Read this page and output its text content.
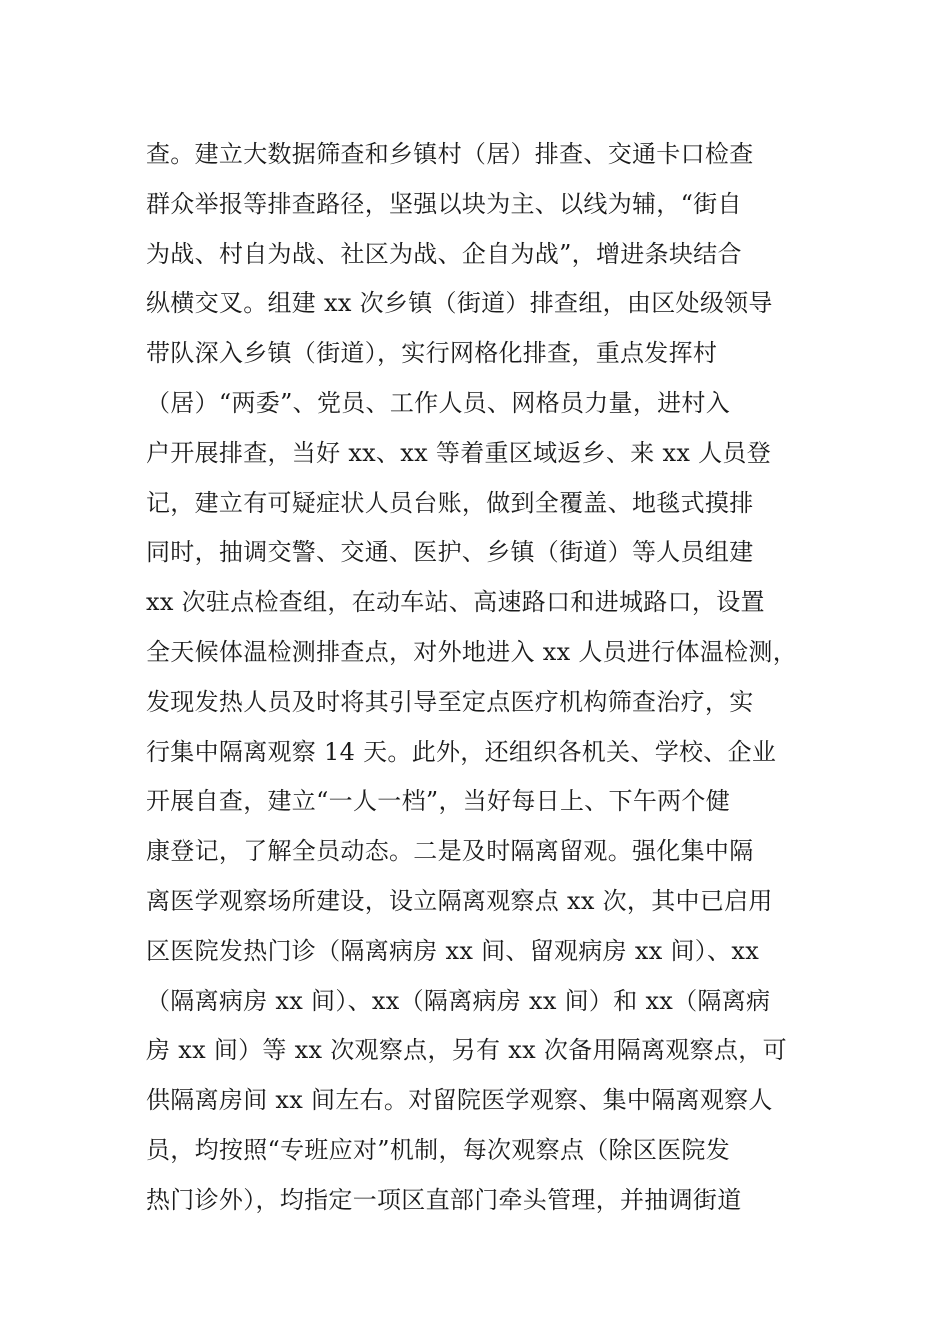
查。建立大数据筛查和乡镇村（居）排查、交通卡口检查
群众举报等排查路径，坚强以块为主、以线为辅，“街自
为战、村自为战、社区为战、企自为战”，增进条块结合
纵横交叉。组建 xx 次乡镇（街道）排查组，由区处级领导
带队深入乡镇（街道），实行网格化排查，重点发挥村
（居）“两委”、党员、工作人员、网格员力量，进村入
户开展排查，当好 xx、xx 等着重区域返乡、来 xx 人员登
记，建立有可疑症状人员台账，做到全覆盖、地毯式摸排
同时，抽调交警、交通、医护、乡镇（街道）等人员组建
xx 次驻点检查组，在动车站、高速路口和进城路口，设置
全天候体温检测排查点，对外地进入 xx 人员进行体温检测，
发现发热人员及时将其引导至定点医疗机构筛查治疗，实
行集中隔离观察 14 天。此外，还组织各机关、学校、企业
开展自查，建立“一人一档”，当好每日上、下午两个健
康登记，了解全员动态。二是及时隔离留观。强化集中隔
离医学观察场所建设，设立隔离观察点 xx 次，其中已启用
区医院发热门诊（隔离病房 xx 间、留观病房 xx 间）、xx
（隔离病房 xx 间）、xx（隔离病房 xx 间）和 xx（隔离病
房 xx 间）等 xx 次观察点，另有 xx 次备用隔离观察点，可
供隔离房间 xx 间左右。对留院医学观察、集中隔离观察人
员，均按照“专班应对”机制，每次观察点（除区医院发
热门诊外），均指定一项区直部门牵头管理，并抽调街道
